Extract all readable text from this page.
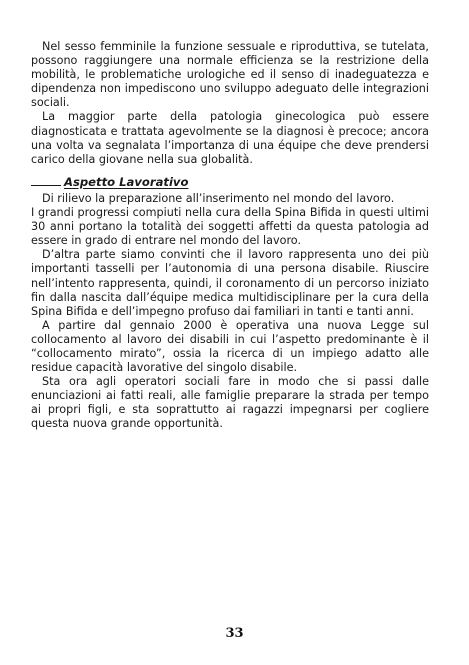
Nel sesso femminile la funzione sessuale e riproduttiva, se tutelata, possono raggiungere una normale efficienza se la restrizione della mobilità, le problematiche urologiche ed il senso di inadeguatezza e dipendenza non impediscono uno sviluppo adeguato delle integrazioni sociali.

La maggior parte della patologia ginecologica può essere diagnosticata e trattata agevolmente se la diagnosi è precoce; ancora una volta va segnalata l’importanza di una équipe che deve prendersi carico della giovane nella sua globalità.

Aspetto Lavorativo

Di rilievo la preparazione all’inserimento nel mondo del lavoro.

I grandi progressi compiuti nella cura della Spina Bifida in questi ultimi 30 anni portano la totalità dei soggetti affetti da questa patologia ad essere in grado di entrare nel mondo del lavoro.

D’altra parte siamo convinti che il lavoro rappresenta uno dei più importanti tasselli per l’autonomia di una persona disabile. Riuscire nell’intento rappresenta, quindi, il coronamento di un percorso iniziato fin dalla nascita dall’équipe medica multidisciplinare per la cura della Spina Bifida e dell’impegno profuso dai familiari in tanti e tanti anni.

A partire dal gennaio 2000 è operativa una nuova Legge sul collocamento al lavoro dei disabili in cui l’aspetto predominante è il “collocamento mirato”, ossia la ricerca di un impiego adatto alle residue capacità lavorative del singolo disabile.

Sta ora agli operatori sociali fare in modo che si passi dalle enunciazioni ai fatti reali, alle famiglie preparare la strada per tempo ai propri figli, e sta soprattutto ai ragazzi impegnarsi per cogliere questa nuova grande opportunità.

33
